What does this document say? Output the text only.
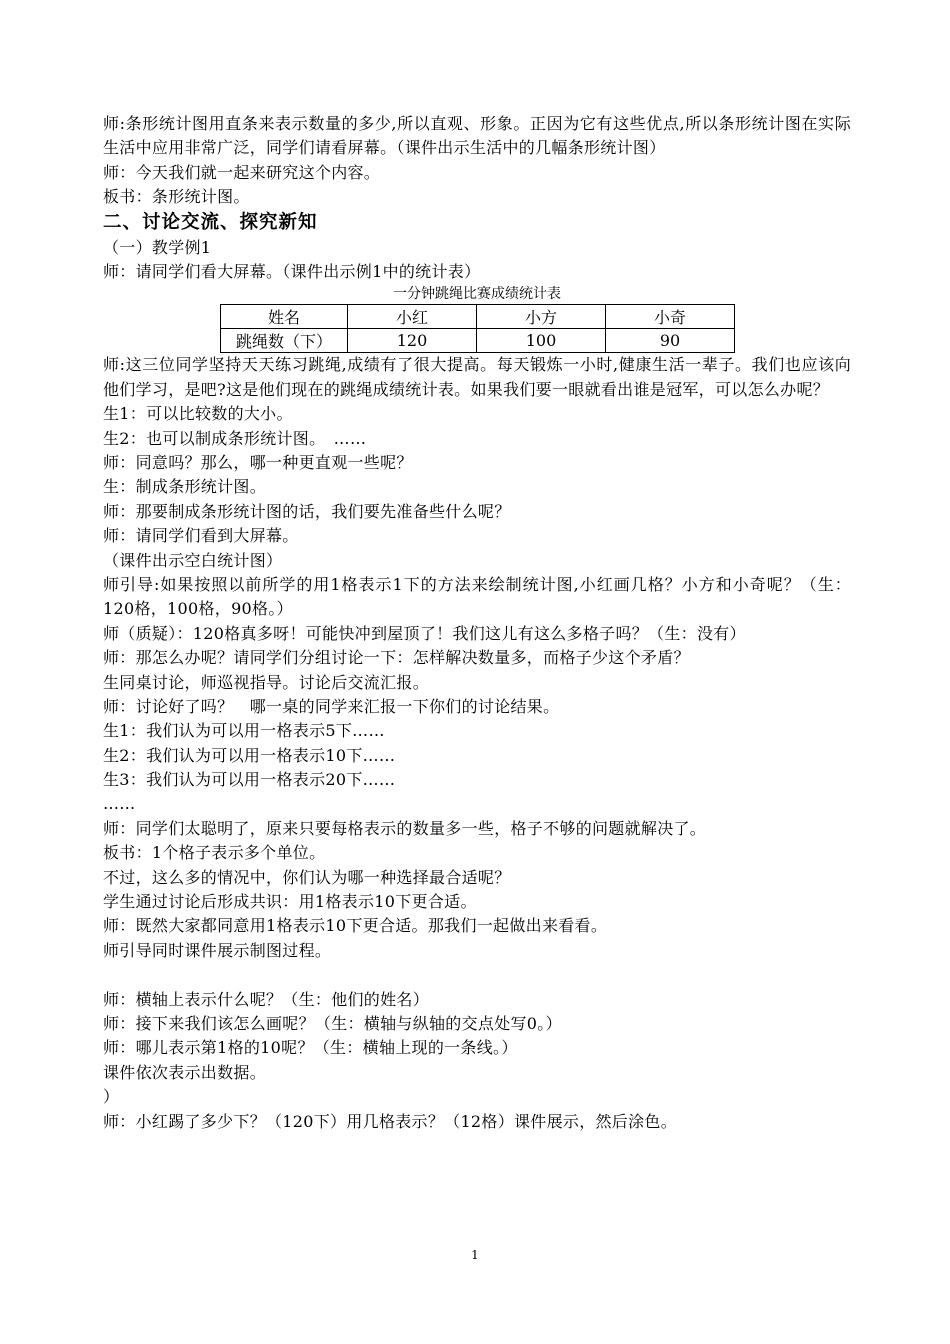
师:条形统计图用直条来表示数量的多少,所以直观、形象。正因为它有这些优点,所以条形统计图在实际生活中应用非常广泛，同学们请看屏幕。（课件出示生活中的几幅条形统计图）
师：今天我们就一起来研究这个内容。
板书：条形统计图。
二、讨论交流、探究新知
（一）教学例1
师：请同学们看大屏幕。（课件出示例1中的统计表）
一分钟跳绳比赛成绩统计表
姓名	小红	小方	小奇
跳绳数（下）	120	100	90
师:这三位同学坚持天天练习跳绳,成绩有了很大提高。每天锻炼一小时,健康生活一辈子。我们也应该向他们学习，是吧?这是他们现在的跳绳成绩统计表。如果我们要一眼就看出谁是冠军，可以怎么办呢？
生1：可以比较数的大小。
生2：也可以制成条形统计图。　……
师：同意吗？那么，哪一种更直观一些呢？
生：制成条形统计图。
师：那要制成条形统计图的话，我们要先准备些什么呢？
师：请同学们看到大屏幕。
（课件出示空白统计图）
师引导:如果按照以前所学的用1格表示1下的方法来绘制统计图,小红画几格？小方和小奇呢？（生：120格，100格，90格。）
师（质疑）：120格真多呀！可能快冲到屋顶了！我们这儿有这么多格子吗？（生：没有）
师：那怎么办呢？请同学们分组讨论一下：怎样解决数量多，而格子少这个矛盾？
生同桌讨论，师巡视指导。讨论后交流汇报。
师：讨论好了吗？　哪一桌的同学来汇报一下你们的讨论结果。
生1：我们认为可以用一格表示5下……
生2：我们认为可以用一格表示10下……
生3：我们认为可以用一格表示20下……
……
师：同学们太聪明了，原来只要每格表示的数量多一些，格子不够的问题就解决了。
板书：1个格子表示多个单位。
不过，这么多的情况中，你们认为哪一种选择最合适呢？
学生通过讨论后形成共识：用1格表示10下更合适。
师：既然大家都同意用1格表示10下更合适。那我们一起做出来看看。
师引导同时课件展示制图过程。
师：横轴上表示什么呢？（生：他们的姓名）
师：接下来我们该怎么画呢？（生：横轴与纵轴的交点处写0。）
师：哪儿表示第1格的10呢？（生：横轴上现的一条线。）
课件依次表示出数据。
）
师：小红踢了多少下？（120下）用几格表示？（12格）课件展示，然后涂色。
1
